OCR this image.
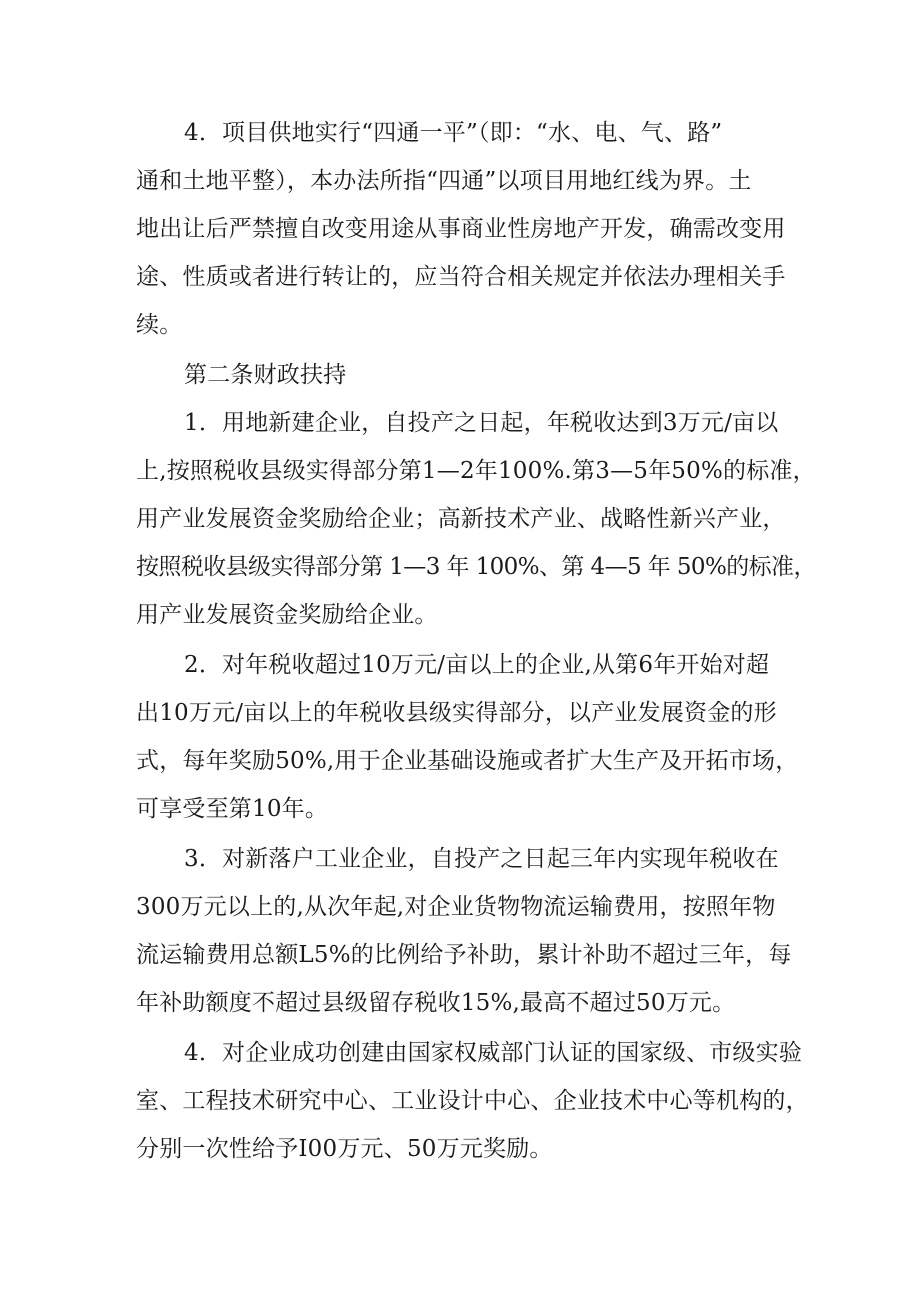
4．项目供地实行“四通一平”（即：“水、电、气、路”
通和土地平整），本办法所指“四通”以项目用地红线为界。土
地出让后严禁擅自改变用途从事商业性房地产开发，确需改变用
途、性质或者进行转让的，应当符合相关规定并依法办理相关手
续。
第二条财政扶持
1．用地新建企业，自投产之日起，年税收达到3万元/亩以
上,按照税收县级实得部分第1—2年100%.第3—5年50%的标准，
用产业发展资金奖励给企业；高新技术产业、战略性新兴产业，
按照税收县级实得部分第 1—3 年 100%、第 4—5 年 50%的标准，
用产业发展资金奖励给企业。
2．对年税收超过10万元/亩以上的企业,从第6年开始对超
出10万元/亩以上的年税收县级实得部分，以产业发展资金的形
式，每年奖励50%,用于企业基础设施或者扩大生产及开拓市场，
可享受至第10年。
3．对新落户工业企业，自投产之日起三年内实现年税收在
300万元以上的,从次年起,对企业货物物流运输费用，按照年物
流运输费用总额L5%的比例给予补助，累计补助不超过三年，每
年补助额度不超过县级留存税收15%,最高不超过50万元。
4．对企业成功创建由国家权威部门认证的国家级、市级实验
室、工程技术研究中心、工业设计中心、企业技术中心等机构的，
分别一次性给予I00万元、50万元奖励。
